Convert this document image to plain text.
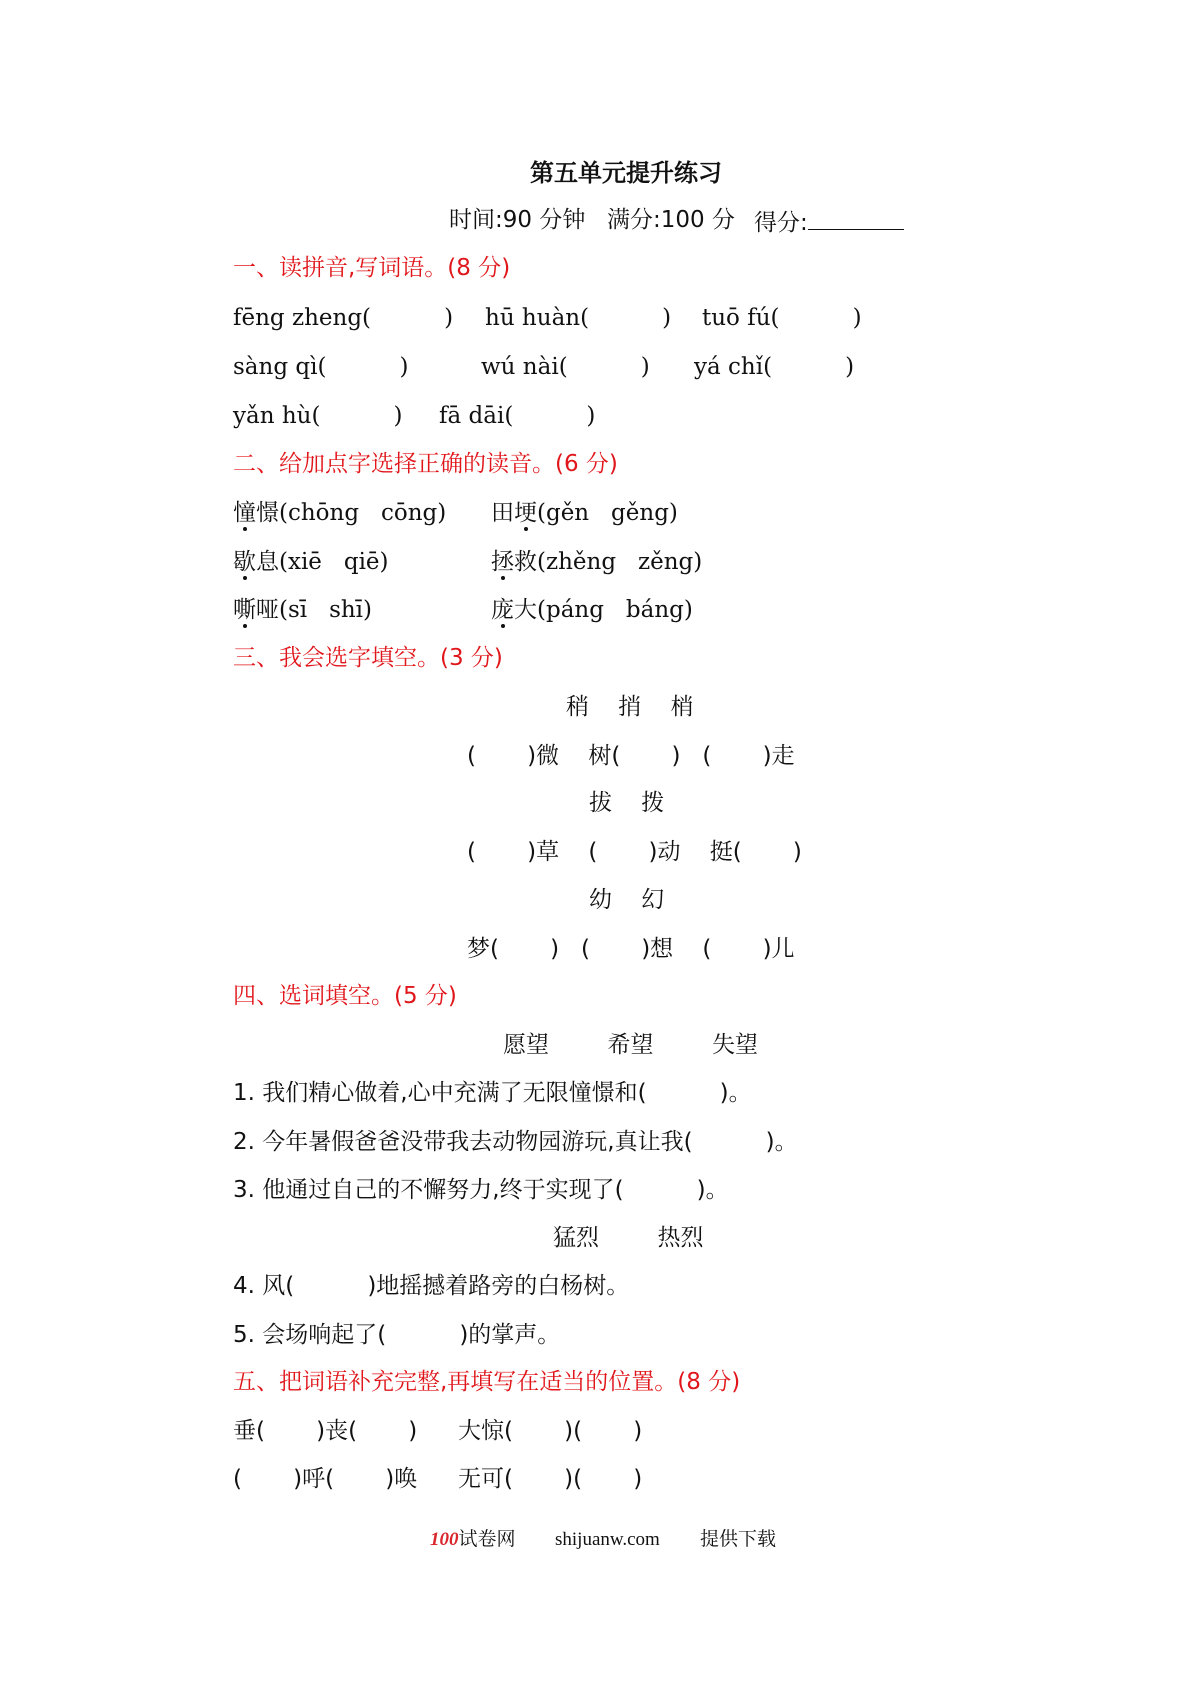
第五单元提升练习
时间:90 分钟 满分:100 分 得分:
一、读拼音,写词语。(8 分)
fēng zheng(          ) hū huàn(          ) tuō fú(          )
sàng qì(          )	wú nài(          ) yá chǐ(          )
yǎn hù(          ) fā dāi(          )
二、给加点字选择正确的读音。(6 分)
憧憬(chōng   cōng) 田埂(gěn   gěng)
歇息(xiē   qiē)	拯救(zhěng   zěng)
嘶哑(sī   shī)	庞大(páng   báng)
三、我会选字填空。(3 分)
稍    捎    梢
(       )微    树(       )   (       )走
拔    拨
(       )草    (       )动    挺(       )
幼    幻
梦(       )   (       )想    (       )儿
四、选词填空。(5 分)
愿望        希望        失望
1. 我们精心做着,心中充满了无限憧憬和(          )。
2. 今年暑假爸爸没带我去动物园游玩,真让我(          )。
3. 他通过自己的不懈努力,终于实现了(          )。
猛烈        热烈
4. 风(          )地摇撼着路旁的白杨树。
5. 会场响起了(          )的掌声。
五、把词语补充完整,再填写在适当的位置。(8 分)
垂(       )丧(       ) 大惊(       )(       )
(       )呼(       )唤 无可(       )(       )
100试卷网 shijuanw.com 提供下载
